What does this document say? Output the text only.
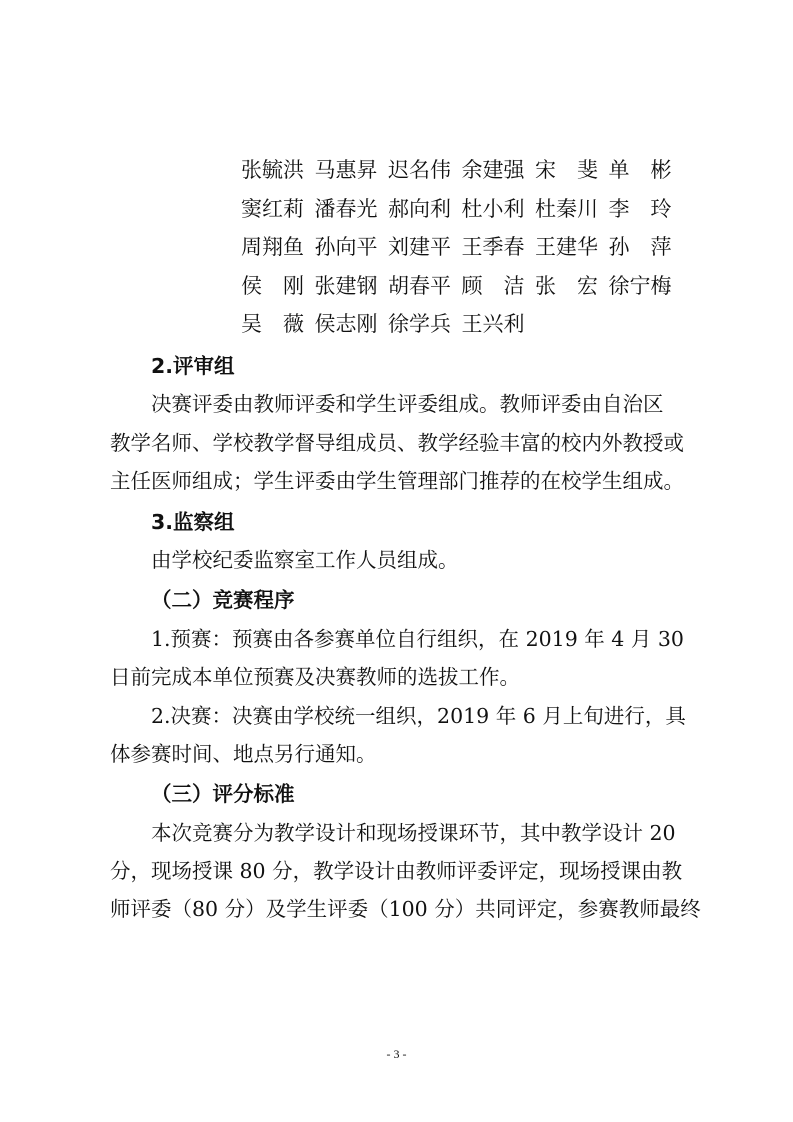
张毓洪 马惠昇 迟名伟 余建强 宋　斐 单　彬
窦红莉 潘春光 郝向利 杜小利 杜秦川 李　玲
周翔鱼 孙向平 刘建平 王季春 王建华 孙　萍
侯　刚 张建钢 胡春平 顾　洁 张　宏 徐宁梅
吴　薇 侯志刚 徐学兵 王兴利
2.评审组
决赛评委由教师评委和学生评委组成。教师评委由自治区
教学名师、学校教学督导组成员、教学经验丰富的校内外教授或
主任医师组成；学生评委由学生管理部门推荐的在校学生组成。
3.监察组
由学校纪委监察室工作人员组成。
（二）竞赛程序
1.预赛：预赛由各参赛单位自行组织，在 2019 年 4 月 30
日前完成本单位预赛及决赛教师的选拔工作。
2.决赛：决赛由学校统一组织，2019 年 6 月上旬进行，具
体参赛时间、地点另行通知。
（三）评分标准
本次竞赛分为教学设计和现场授课环节，其中教学设计 20
分，现场授课 80 分，教学设计由教师评委评定，现场授课由教
师评委（80 分）及学生评委（100 分）共同评定，参赛教师最终
- 3 -
